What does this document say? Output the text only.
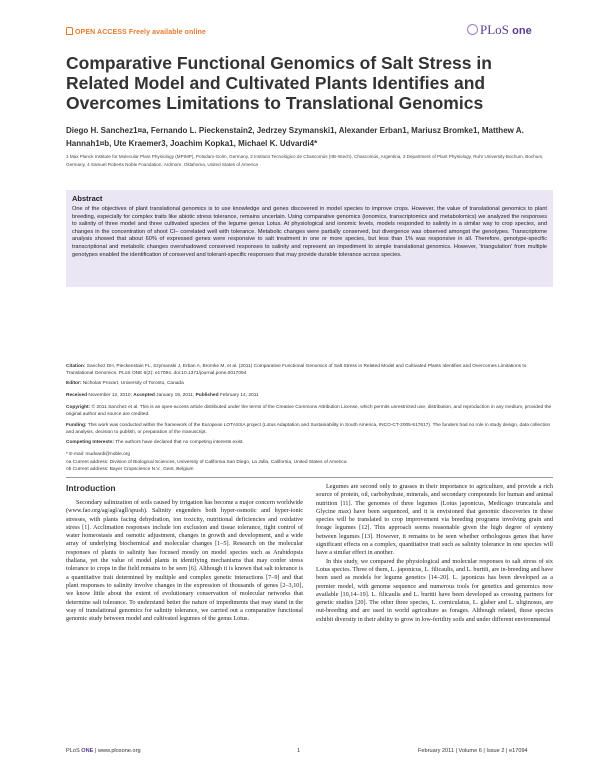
OPEN ACCESS Freely available online	PLoS one
Comparative Functional Genomics of Salt Stress in Related Model and Cultivated Plants Identifies and Overcomes Limitations to Translational Genomics
Diego H. Sanchez1¤a, Fernando L. Pieckenstain2, Jedrzey Szymanski1, Alexander Erban1, Mariusz Bromke1, Matthew A. Hannah1¤b, Ute Kraemer3, Joachim Kopka1, Michael K. Udvardi4*
1 Max Planck Institute for Molecular Plant Physiology (MPIMP), Potsdam-Golm, Germany, 2 Instituto Tecnológico de Chascomús (IIB-Intech), Chascomús, Argentina, 3 Department of Plant Physiology, Ruhr University Bochum, Bochum, Germany, 4 Samuel Roberts Noble Foundation, Ardmore, Oklahoma, United States of America
Abstract

One of the objectives of plant translational genomics is to use knowledge and genes discovered in model species to improve crops. However, the value of translational genomics to plant breeding, especially for complex traits like abiotic stress tolerance, remains uncertain. Using comparative genomics (ionomics, transcriptomics and metabolomics) we analyzed the responses to salinity of three model and three cultivated species of the legume genus Lotus. At physiological and ionomic levels, models responded to salinity in a similar way to crop species, and changes in the concentration of shoot Cl− correlated well with tolerance. Metabolic changes were partially conserved, but divergence was observed amongst the genotypes. Transcriptome analysis showed that about 60% of expressed genes were responsive to salt treatment in one or more species, but less than 1% was responsive in all. Therefore, genotype-specific transcriptional and metabolic changes overshadowed conserved responses to salinity and represent an impediment to simple translational genomics. However, 'triangulation' from multiple genotypes enabled the identification of conserved and tolerant-specific responses that may provide durable tolerance across species.

Citation: Sanchez DH, Pieckenstain FL, Szymanski J, Erban A, Bromke M, et al. (2011) Comparative Functional Genomics of Salt Stress in Related Model and Cultivated Plants Identifies and Overcomes Limitations to Translational Genomics. PLoS ONE 6(2): e17094. doi:10.1371/journal.pone.0017094
Editor: Nicholas Provart, University of Toronto, Canada
Received November 12, 2010; Accepted January 19, 2011; Published February 14, 2011
Copyright: © 2011 Sanchez et al. This is an open-access article distributed under the terms of the Creative Commons Attribution License, which permits unrestricted use, distribution, and reproduction in any medium, provided the original author and source are credited.
Funding: This work was conducted within the framework of the European LOTASSA project (Lotus Adaptation and Sustainability in South America, INCO-CT-2005-517617). The funders had no role in study design, data collection and analysis, decision to publish, or preparation of the manuscript.
Competing Interests: The authors have declared that no competing interests exist.
* E-mail: mudvardi@noble.org
¤a Current address: Division of Biological Sciences, University of California San Diego, La Jolla, California, United States of America
¤b Current address: Bayer Cropscience N.V., Gent, Belgium
Introduction

Secondary salinization of soils caused by irrigation has become a major concern worldwide (www.fao.org/ag/agl/agll/spush). Salinity engenders both hyper-osmotic and hyper-ionic stresses, with plants facing dehydration, ion toxicity, nutritional deficiencies and oxidative stress [1]. Acclimation responses include ion exclusion and tissue tolerance, tight control of water homeostasis and osmotic adjustment, changes in growth and development, and a wide array of underlying biochemical and molecular changes [1–5]. Research on the molecular responses of plants to salinity has focused mostly on model species such as Arabidopsis thaliana, yet the value of model plants in identifying mechanisms that may confer stress tolerance to crops in the field remains to be seen [6]. Although it is known that salt tolerance is a quantitative trait determined by multiple and complex genetic interactions [7–9] and that plant responses to salinity involve changes in the expression of thousands of genes [2–3,10], we know little about the extent of evolutionary conservation of molecular networks that determine salt tolerance. To understand better the nature of impediments that may stand in the way of translational genomics for salinity tolerance, we carried out a comparative functional genomic study between model and cultivated legumes of the genus Lotus.

Legumes are second only to grasses in their importance to agriculture, and provide a rich source of protein, oil, carbohydrate, minerals, and secondary compounds for human and animal nutrition [11]. The genomes of three legumes (Lotus japonicus, Medicago truncatula and Glycine max) have been sequenced, and it is envisioned that genomic discoveries in these species will be translated to crop improvement via breeding programs involving grain and forage legumes [12]. This approach seems reasonable given the high degree of synteny between legumes [13]. However, it remains to be seen whether orthologous genes that have significant effects on a complex, quantitative trait such as salinity tolerance in one species will have a similar effect in another.

In this study, we compared the physiological and molecular responses to salt stress of six Lotus species. Three of them, L. japonicus, L. filicaulis, and L. burttii, are in-breeding and have been used as models for legume genetics [14–20]. L. japonicus has been developed as a premier model, with genome sequence and numerous tools for genetics and genomics now available [10,14–19]. L. filicaulis and L. burttii have been developed as crossing partners for genetic studies [20]. The other three species, L. corniculatus, L. glaber and L. uliginosus, are out-breeding and are used in world agriculture as forages. Although related, these species exhibit diversity in their ability to grow in low-fertility soils and under different environmental

PLoS ONE | www.plosone.org	1	February 2011 | Volume 6 | Issue 2 | e17094
